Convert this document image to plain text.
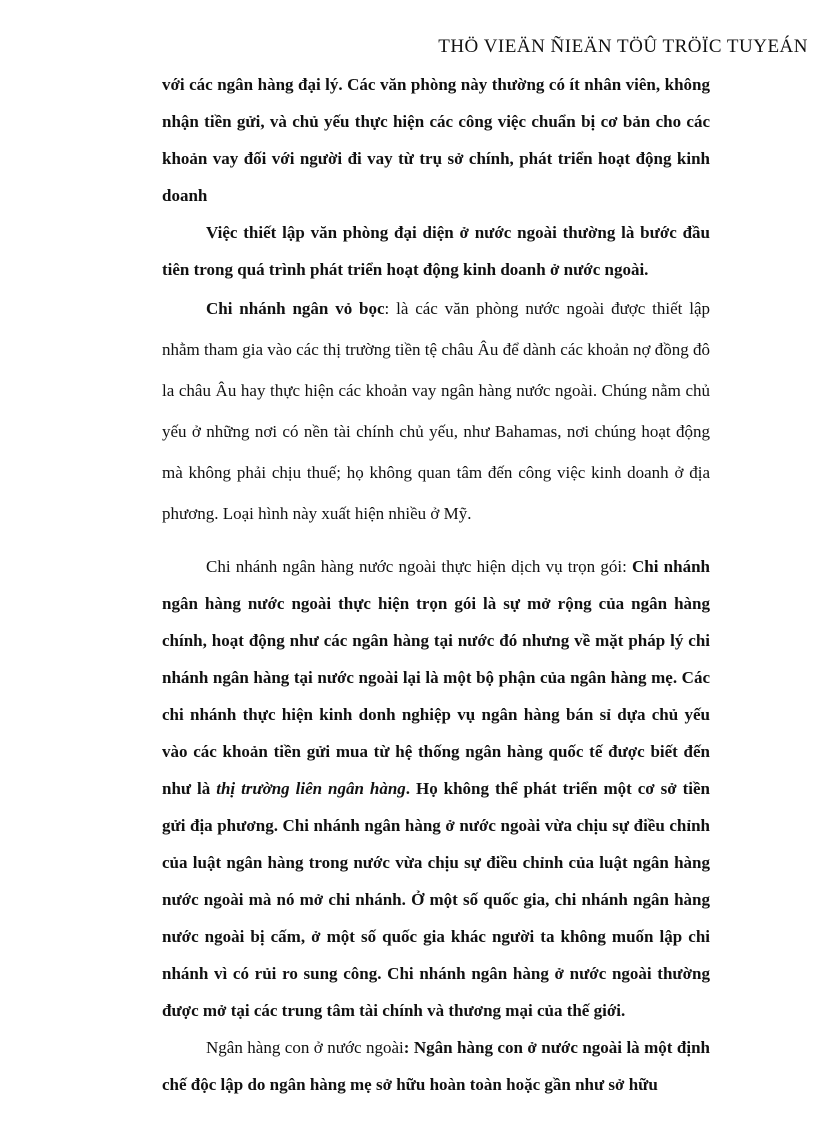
THÖ VIEÄN ÑIEÄN TÖÛ TRÖÏC TUYEÁN

với các ngân hàng đại lý. Các văn phòng này thường có ít nhân viên, không nhận tiền gửi, và chủ yếu thực hiện các công việc chuẩn bị cơ bản cho các khoản vay đối với người đi vay từ trụ sở chính, phát triển hoạt động kinh doanh

Việc thiết lập văn phòng đại diện ở nước ngoài thường là bước đầu tiên trong quá trình phát triển hoạt động kinh doanh ở nước ngoài.

Chi nhánh ngân vỏ bọc: là các văn phòng nước ngoài được thiết lập nhằm tham gia vào các thị trường tiền tệ châu Âu để dành các khoản nợ đồng đô la châu Âu hay thực hiện các khoản vay ngân hàng nước ngoài. Chúng nằm chủ yếu ở những nơi có nền tài chính chủ yếu, như Bahamas, nơi chúng hoạt động mà không phải chịu thuế; họ không quan tâm đến công việc kinh doanh ở địa phương. Loại hình này xuất hiện nhiều ở Mỹ.

Chi nhánh ngân hàng nước ngoài thực hiện dịch vụ trọn gói: Chi nhánh ngân hàng nước ngoài thực hiện trọn gói là sự mở rộng của ngân hàng chính, hoạt động như các ngân hàng tại nước đó nhưng về mặt pháp lý chi nhánh ngân hàng tại nước ngoài lại là một bộ phận của ngân hàng mẹ. Các chi nhánh thực hiện kinh donh nghiệp vụ ngân hàng bán sỉ dựa chủ yếu vào các khoản tiền gửi mua từ hệ thống ngân hàng quốc tế được biết đến như là thị trường liên ngân hàng. Họ không thể phát triển một cơ sở tiền gửi địa phương. Chi nhánh ngân hàng ở nước ngoài vừa chịu sự điều chỉnh của luật ngân hàng trong nước vừa chịu sự điều chỉnh của luật ngân hàng nước ngoài mà nó mở chi nhánh. Ở một số quốc gia, chi nhánh ngân hàng nước ngoài bị cấm, ở một số quốc gia khác người ta không muốn lập chi nhánh vì có rủi ro sung công. Chi nhánh ngân hàng ở nước ngoài thường được mở tại các trung tâm tài chính và thương mại của thế giới.

Ngân hàng con ở nước ngoài: Ngân hàng con ở nước ngoài là một định chế độc lập do ngân hàng mẹ sở hữu hoàn toàn hoặc gần như sở hữu
